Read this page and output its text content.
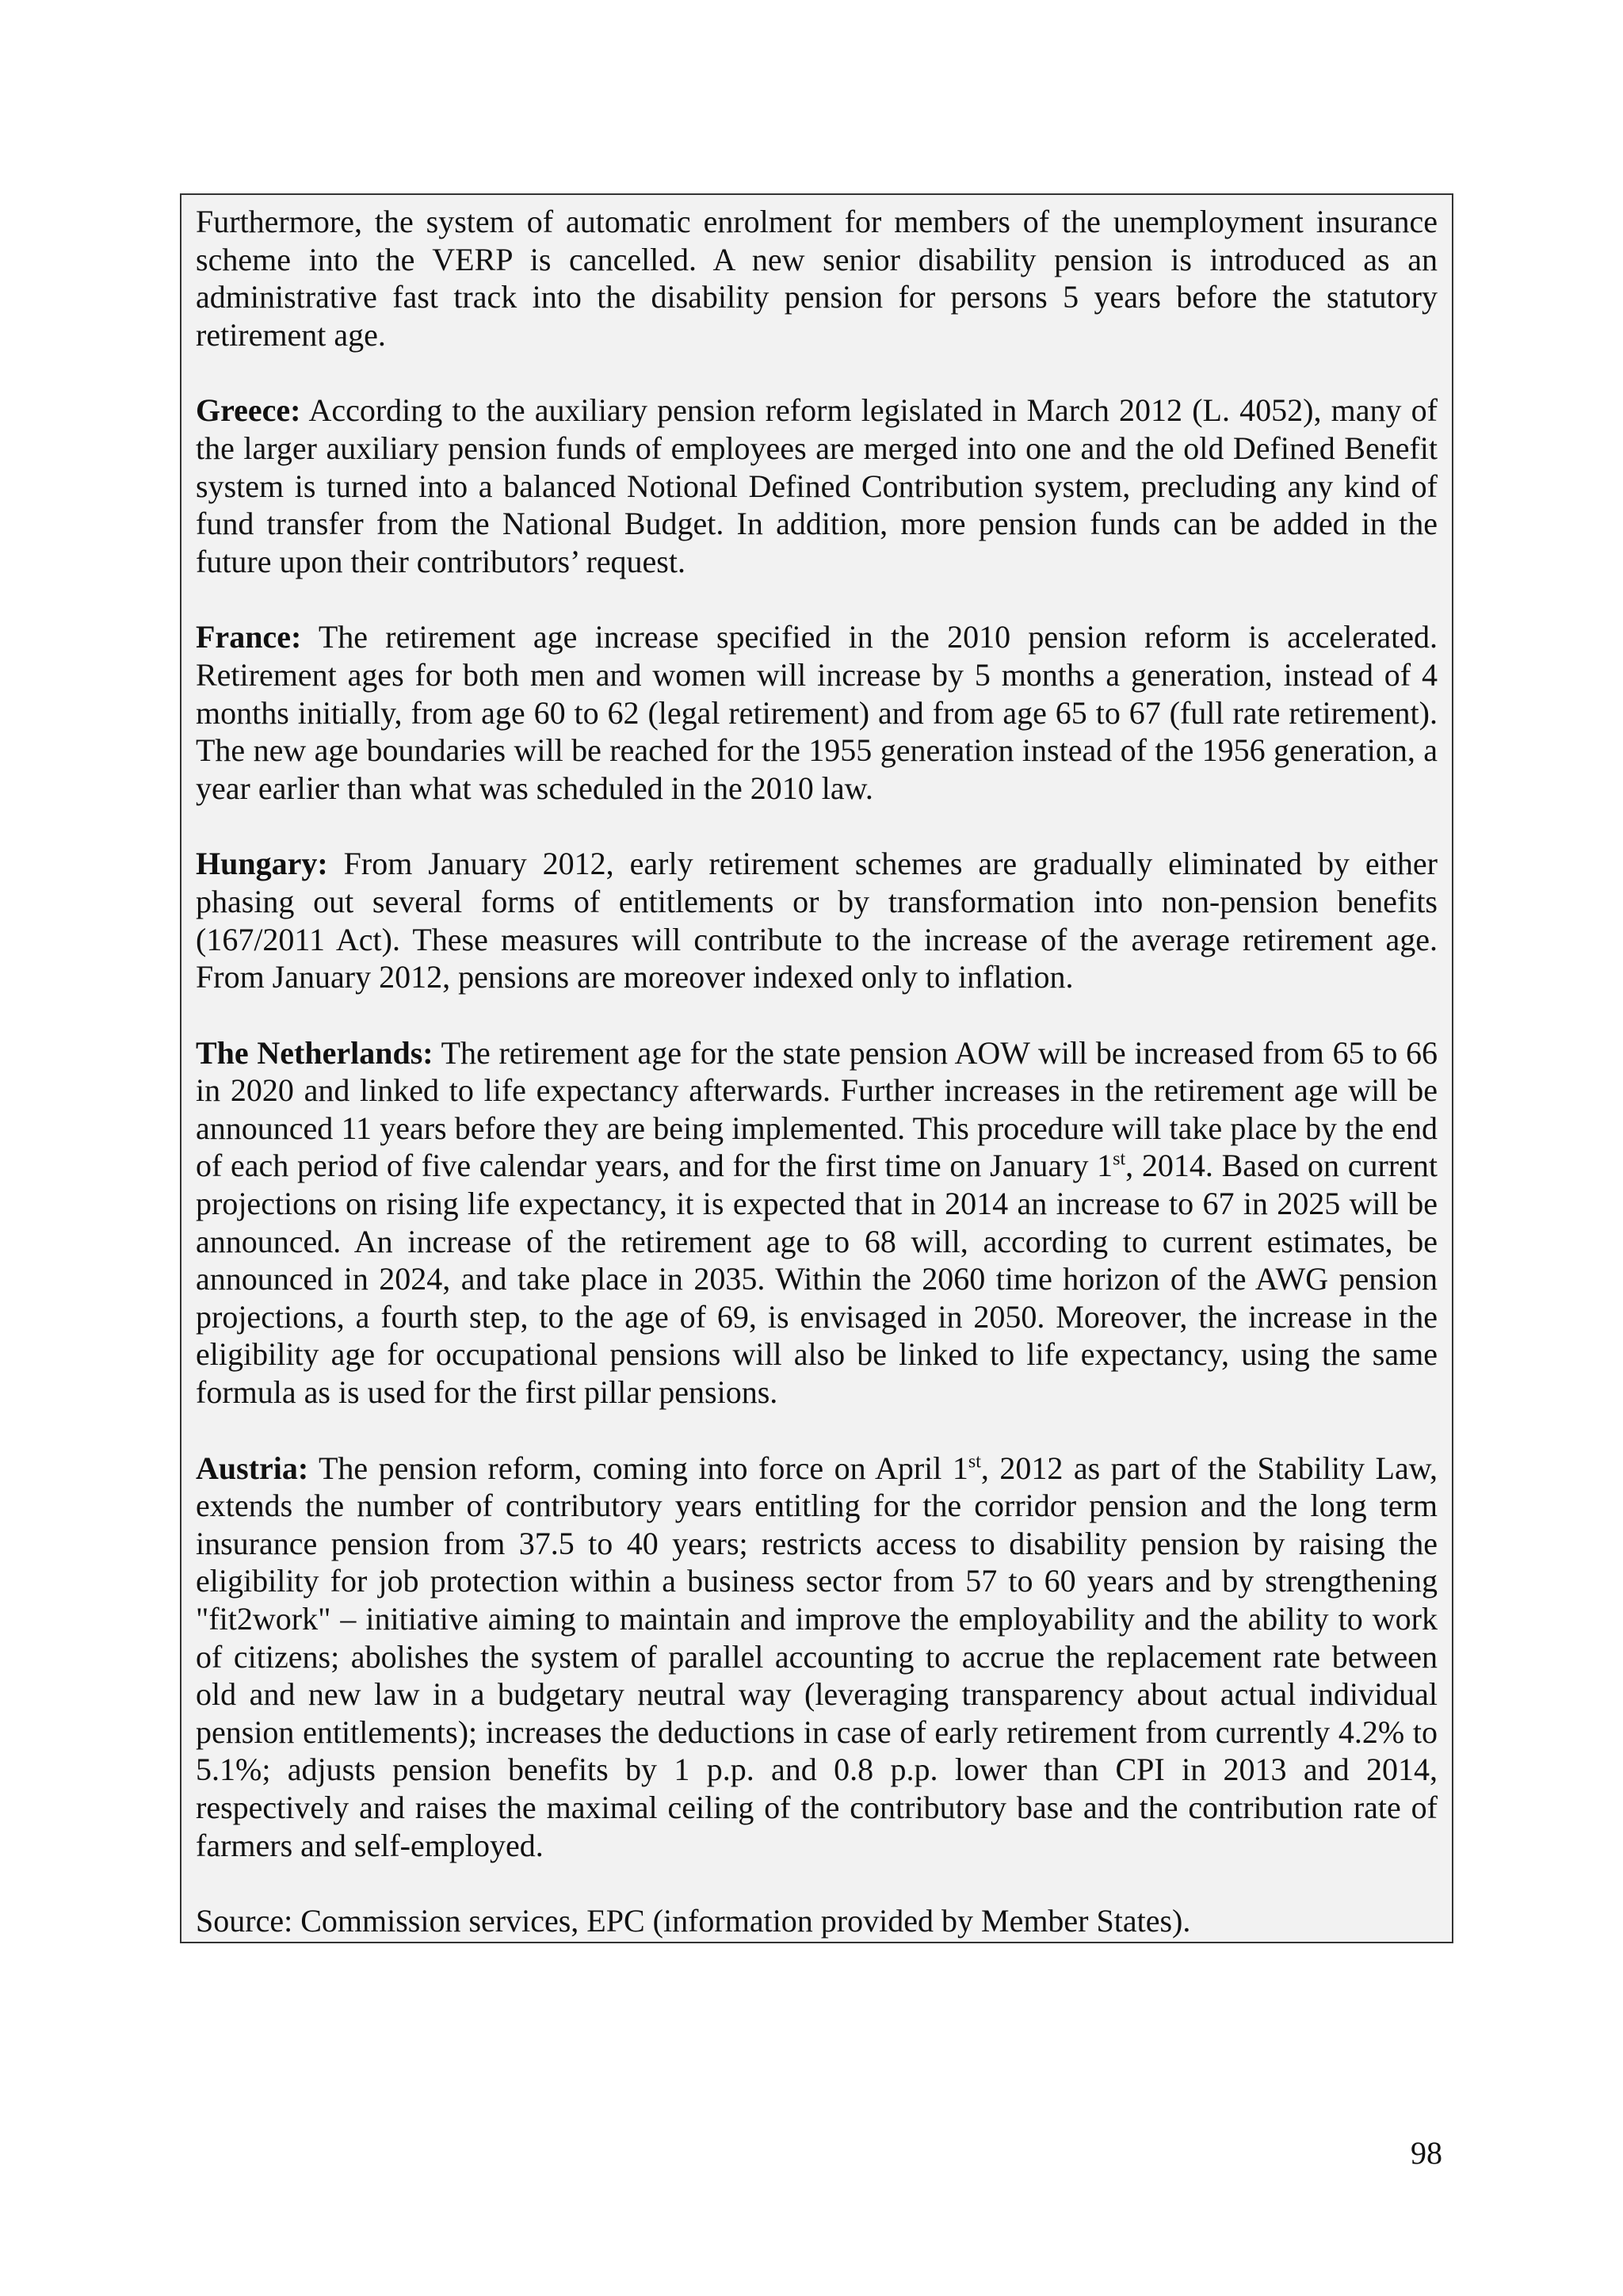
Furthermore, the system of automatic enrolment for members of the unemployment insurance scheme into the VERP is cancelled. A new senior disability pension is introduced as an administrative fast track into the disability pension for persons 5 years before the statutory retirement age.

Greece: According to the auxiliary pension reform legislated in March 2012 (L. 4052), many of the larger auxiliary pension funds of employees are merged into one and the old Defined Benefit system is turned into a balanced Notional Defined Contribution system, precluding any kind of fund transfer from the National Budget. In addition, more pension funds can be added in the future upon their contributors’ request.

France: The retirement age increase specified in the 2010 pension reform is accelerated. Retirement ages for both men and women will increase by 5 months a generation, instead of 4 months initially, from age 60 to 62 (legal retirement) and from age 65 to 67 (full rate retirement). The new age boundaries will be reached for the 1955 generation instead of the 1956 generation, a year earlier than what was scheduled in the 2010 law.

Hungary: From January 2012, early retirement schemes are gradually eliminated by either phasing out several forms of entitlements or by transformation into non-pension benefits (167/2011 Act). These measures will contribute to the increase of the average retirement age. From January 2012, pensions are moreover indexed only to inflation.

The Netherlands: The retirement age for the state pension AOW will be increased from 65 to 66 in 2020 and linked to life expectancy afterwards. Further increases in the retirement age will be announced 11 years before they are being implemented. This procedure will take place by the end of each period of five calendar years, and for the first time on January 1st, 2014. Based on current projections on rising life expectancy, it is expected that in 2014 an increase to 67 in 2025 will be announced. An increase of the retirement age to 68 will, according to current estimates, be announced in 2024, and take place in 2035. Within the 2060 time horizon of the AWG pension projections, a fourth step, to the age of 69, is envisaged in 2050. Moreover, the increase in the eligibility age for occupational pensions will also be linked to life expectancy, using the same formula as is used for the first pillar pensions.

Austria: The pension reform, coming into force on April 1st, 2012 as part of the Stability Law, extends the number of contributory years entitling for the corridor pension and the long term insurance pension from 37.5 to 40 years; restricts access to disability pension by raising the eligibility for job protection within a business sector from 57 to 60 years and by strengthening "fit2work" – initiative aiming to maintain and improve the employability and the ability to work of citizens; abolishes the system of parallel accounting to accrue the replacement rate between old and new law in a budgetary neutral way (leveraging transparency about actual individual pension entitlements); increases the deductions in case of early retirement from currently 4.2% to 5.1%; adjusts pension benefits by 1 p.p. and 0.8 p.p. lower than CPI in 2013 and 2014, respectively and raises the maximal ceiling of the contributory base and the contribution rate of farmers and self-employed.

Source: Commission services, EPC (information provided by Member States).

98
